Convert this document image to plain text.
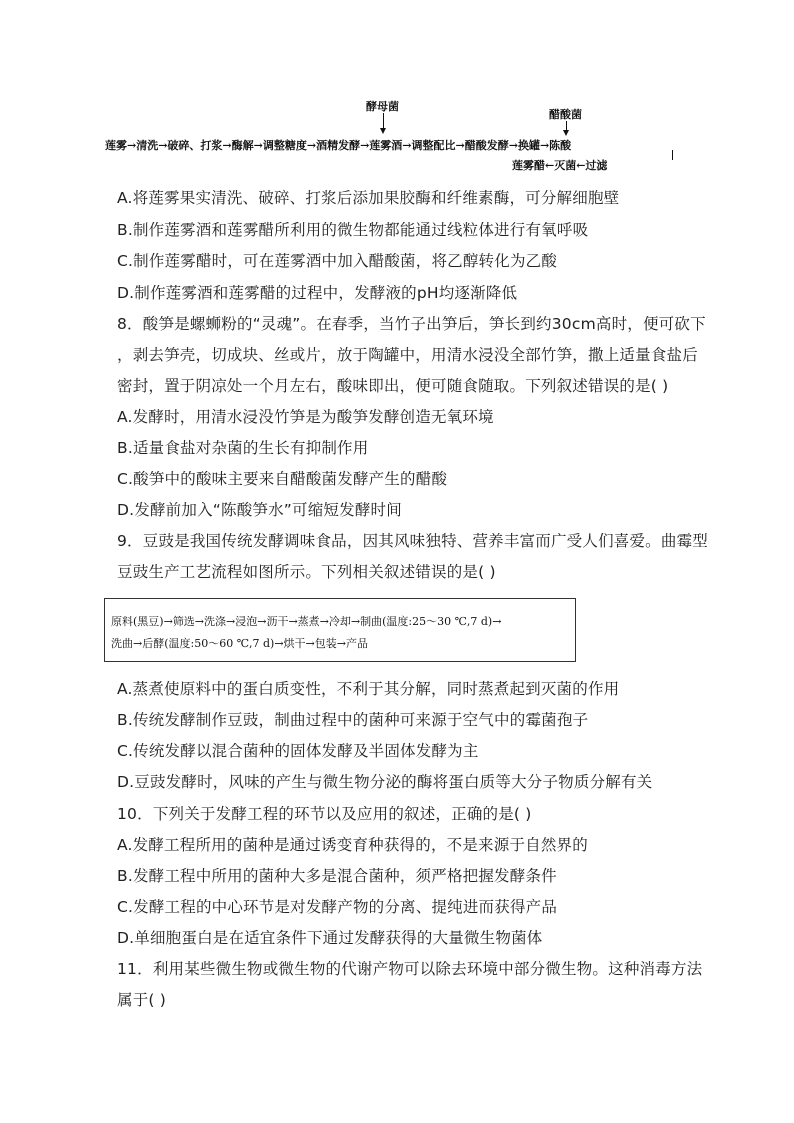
酵母菌
醋酸菌
莲雾→清洗→破碎、打浆→酶解→调整糖度→酒精发酵→莲雾酒→调整配比→醋酸发酵→换罐→陈酸
莲雾醋←灭菌←过滤
A.将莲雾果实清洗、破碎、打浆后添加果胶酶和纤维素酶，可分解细胞壁
B.制作莲雾酒和莲雾醋所利用的微生物都能通过线粒体进行有氧呼吸
C.制作莲雾醋时，可在莲雾酒中加入醋酸菌，将乙醇转化为乙酸
D.制作莲雾酒和莲雾醋的过程中，发酵液的pH均逐渐降低
8．酸笋是螺蛳粉的“灵魂”。在春季，当竹子出笋后，笋长到约30cm高时，便可砍下
，剥去笋壳，切成块、丝或片，放于陶罐中，用清水浸没全部竹笋，撒上适量食盐后
密封，置于阴凉处一个月左右，酸味即出，便可随食随取。下列叙述错误的是( )
A.发酵时，用清水浸没竹笋是为酸笋发酵创造无氧环境
B.适量食盐对杂菌的生长有抑制作用
C.酸笋中的酸味主要来自醋酸菌发酵产生的醋酸
D.发酵前加入“陈酸笋水”可缩短发酵时间
9．豆豉是我国传统发酵调味食品，因其风味独特、营养丰富而广受人们喜爱。曲霉型
豆豉生产工艺流程如图所示。下列相关叙述错误的是( )
原料(黑豆)→筛选→洗涤→浸泡→沥干→蒸煮→冷却→制曲(温度:25～30 ℃,7 d)→
洗曲→后酵(温度:50～60 ℃,7 d)→烘干→包装→产品
A.蒸煮使原料中的蛋白质变性，不利于其分解，同时蒸煮起到灭菌的作用
B.传统发酵制作豆豉，制曲过程中的菌种可来源于空气中的霉菌孢子
C.传统发酵以混合菌种的固体发酵及半固体发酵为主
D.豆豉发酵时，风味的产生与微生物分泌的酶将蛋白质等大分子物质分解有关
10．下列关于发酵工程的环节以及应用的叙述，正确的是( )
A.发酵工程所用的菌种是通过诱变育种获得的，不是来源于自然界的
B.发酵工程中所用的菌种大多是混合菌种，须严格把握发酵条件
C.发酵工程的中心环节是对发酵产物的分离、提纯进而获得产品
D.单细胞蛋白是在适宜条件下通过发酵获得的大量微生物菌体
11．利用某些微生物或微生物的代谢产物可以除去环境中部分微生物。这种消毒方法
属于( )
